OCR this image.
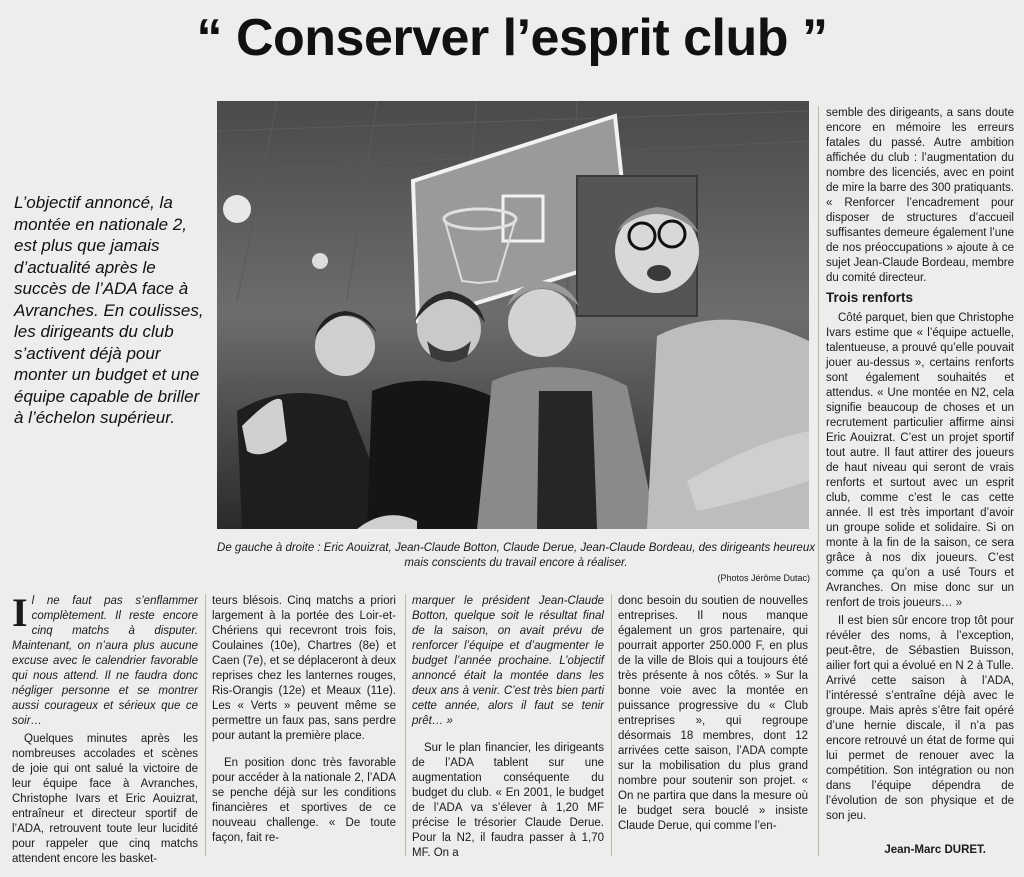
“ Conserver l’esprit club ”

L’objectif annoncé, la montée en nationale 2, est plus que jamais d’actualité après le succès de l’ADA face à Avranches. En coulisses, les dirigeants du club s’activent déjà pour monter un budget et une équipe capable de briller à l’échelon supérieur.

De gauche à droite : Eric Aouizrat, Jean-Claude Botton, Claude Derue, Jean-Claude Bordeau, des dirigeants heureux mais conscients du travail encore à réaliser.

(Photos Jérôme Dutac)

I l ne faut pas s’enflammer complètement. Il reste encore cinq matchs à disputer. Maintenant, on n’aura plus aucune excuse avec le calendrier favorable qui nous attend. Il ne faudra donc négliger personne et se montrer aussi courageux et sérieux que ce soir…

Quelques minutes après les nombreuses accolades et scènes de joie qui ont salué la victoire de leur équipe face à Avranches, Christophe Ivars et Eric Aouizrat, entraîneur et directeur sportif de l’ADA, retrouvent toute leur lucidité pour rappeler que cinq matchs attendent encore les basket-

teurs blésois. Cinq matchs a priori largement à la portée des Loir-et-Chériens qui recevront trois fois, Coulaines (10e), Chartres (8e) et Caen (7e), et se déplaceront à deux reprises chez les lanternes rouges, Ris-Orangis (12e) et Meaux (11e). Les « Verts » peuvent même se permettre un faux pas, sans perdre pour autant la première place.

En position donc très favorable pour accéder à la nationale 2, l’ADA se penche déjà sur les conditions financières et sportives de ce nouveau challenge. « De toute façon, fait re-

marquer le président Jean-Claude Botton, quelque soit le résultat final de la saison, on avait prévu de renforcer l’équipe et d’augmenter le budget l’année prochaine. L’objectif annoncé était la montée dans les deux ans à venir. C’est très bien parti cette année, alors il faut se tenir prêt… »

Sur le plan financier, les dirigeants de l’ADA tablent sur une augmentation conséquente du budget du club. « En 2001, le budget de l’ADA va s’élever à 1,20 MF précise le trésorier Claude Derue. Pour la N2, il faudra passer à 1,70 MF. On a

donc besoin du soutien de nouvelles entreprises. Il nous manque également un gros partenaire, qui pourrait apporter 250.000 F, en plus de la ville de Blois qui a toujours été très présente à nos côtés. » Sur la bonne voie avec la montée en puissance progressive du « Club entreprises », qui regroupe désormais 18 membres, dont 12 arrivées cette saison, l’ADA compte sur la mobilisation du plus grand nombre pour soutenir son projet. « On ne partira que dans la mesure où le budget sera bouclé » insiste Claude Derue, qui comme l’en-

semble des dirigeants, a sans doute encore en mémoire les erreurs fatales du passé. Autre ambition affichée du club : l’augmentation du nombre des licenciés, avec en point de mire la barre des 300 pratiquants. « Renforcer l’encadrement pour disposer de structures d’accueil suffisantes demeure également l’une de nos préoccupations » ajoute à ce sujet Jean-Claude Bordeau, membre du comité directeur.

Trois renforts

Côté parquet, bien que Christophe Ivars estime que « l’équipe actuelle, talentueuse, a prouvé qu’elle pouvait jouer au-dessus », certains renforts sont également souhaités et attendus. « Une montée en N2, cela signifie beaucoup de choses et un recrutement particulier affirme ainsi Eric Aouizrat. C’est un projet sportif tout autre. Il faut attirer des joueurs de haut niveau qui seront de vrais renforts et surtout avec un esprit club, comme c’est le cas cette année. Il est très important d’avoir un groupe solide et solidaire. Si on monte à la fin de la saison, ce sera grâce à nos dix joueurs. C’est comme ça qu’on a usé Tours et Avranches. On mise donc sur un renfort de trois joueurs… »

Il est bien sûr encore trop tôt pour révéler des noms, à l’exception, peut-être, de Sébastien Buisson, ailier fort qui a évolué en N 2 à Tulle. Arrivé cette saison à l’ADA, l’intéressé s’entraîne déjà avec le groupe. Mais après s’être fait opéré d’une hernie discale, il n’a pas encore retrouvé un état de forme qui lui permet de renouer avec la compétition. Son intégration ou non dans l’équipe dépendra de l’évolution de son physique et de son jeu.

Jean-Marc DURET.
